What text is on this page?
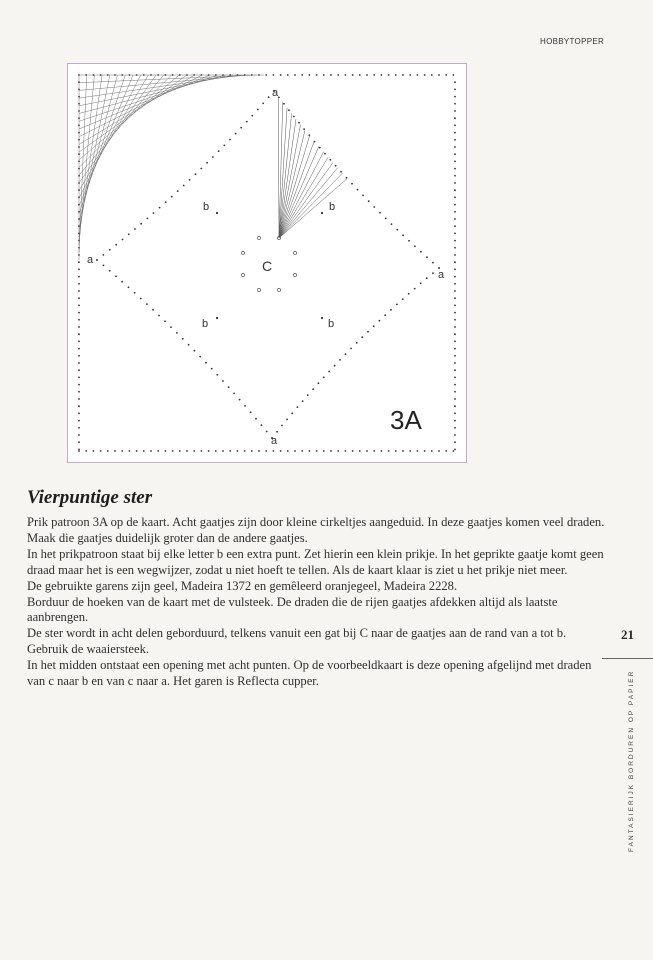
HOBBYTOPPER
a
a
a
a
b	b
b	b
C
3A
Vierpuntige ster

Prik patroon 3A op de kaart. Acht gaatjes zijn door kleine cirkeltjes aangeduid. In deze gaatjes komen veel draden. Maak die gaatjes duidelijk groter dan de andere gaatjes.

In het prikpatroon staat bij elke letter b een extra punt. Zet hierin een klein prikje. In het geprikte gaatje komt geen draad maar het is een wegwijzer, zodat u niet hoeft te tellen. Als de kaart klaar is ziet u het prikje niet meer.

De gebruikte garens zijn geel, Madeira 1372 en gemêleerd oranjegeel, Madeira 2228.

Borduur de hoeken van de kaart met de vulsteek. De draden die de rijen gaatjes afdekken altijd als laatste aanbrengen.

De ster wordt in acht delen geborduurd, telkens vanuit een gat bij C naar de gaatjes aan de rand van a tot b. Gebruik de waaiersteek.

In het midden ontstaat een opening met acht punten. Op de voorbeeldkaart is deze opening afgelijnd met draden van c naar b en van c naar a. Het garen is Reflecta cupper.

21
FANTASIERIJK BORDUREN OP PAPIER
